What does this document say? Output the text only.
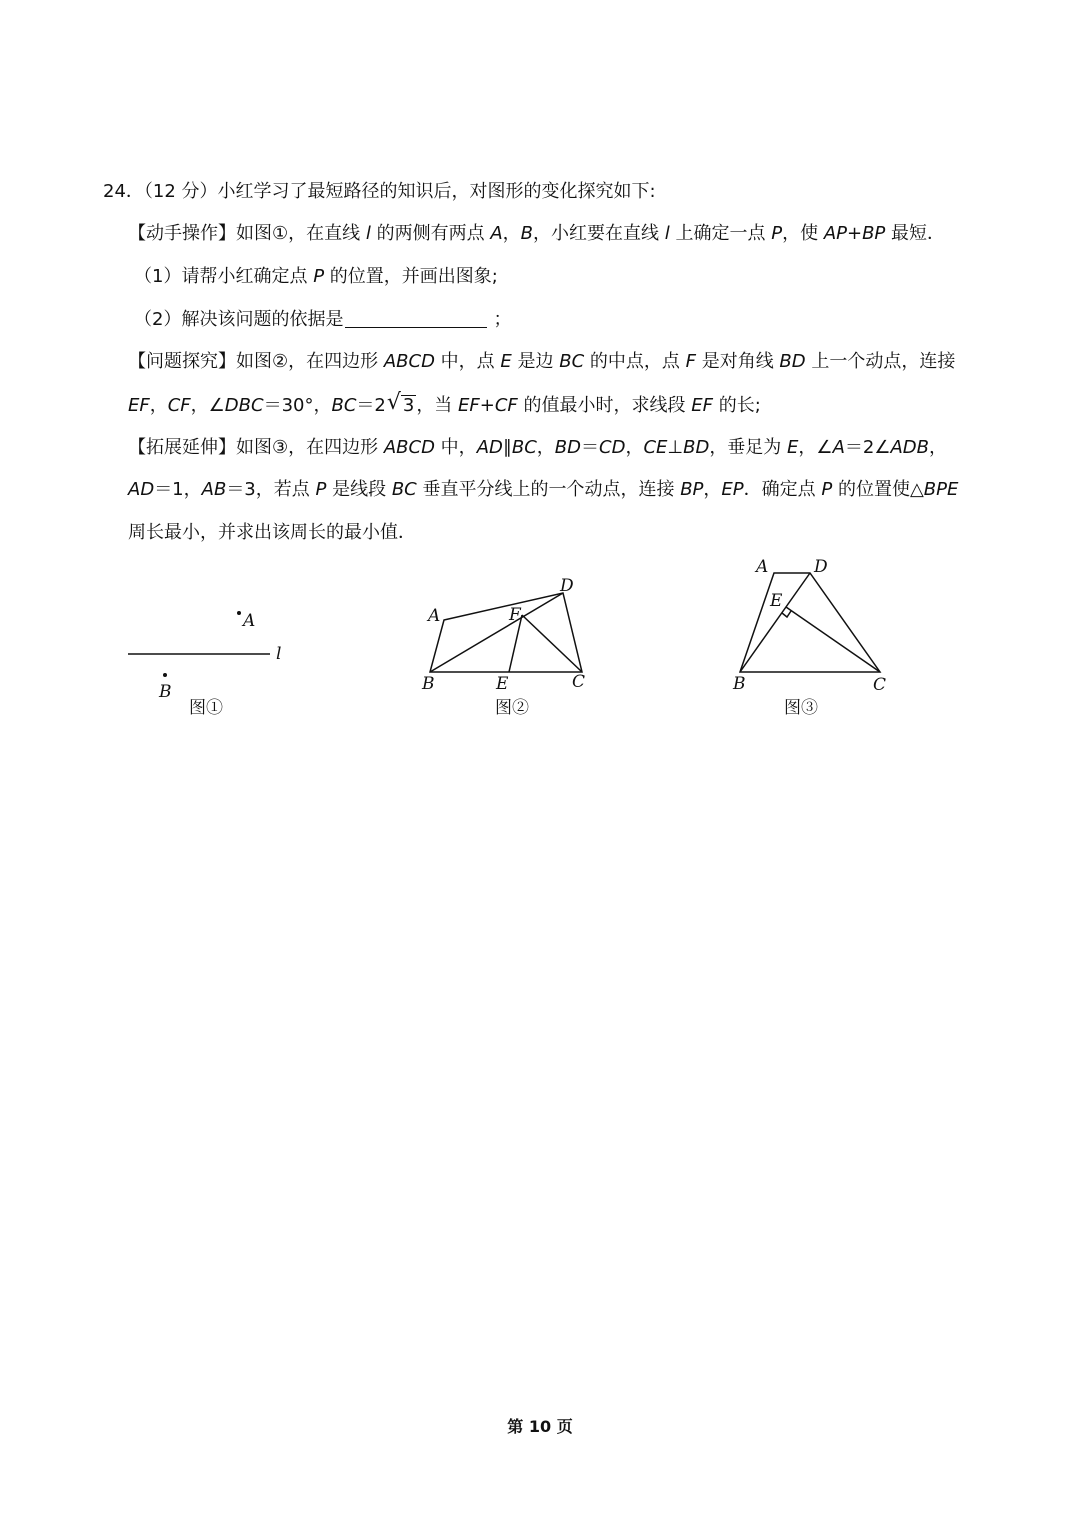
24．（12 分）小红学习了最短路径的知识后，对图形的变化探究如下:
【动手操作】如图①，在直线 l 的两侧有两点 A，B，小红要在直线 l 上确定一点 P，使 AP+BP 最短．
（1）请帮小红确定点 P 的位置，并画出图象;
（2）解决该问题的依据是	；
【问题探究】如图②，在四边形 ABCD 中，点 E 是边 BC 的中点，点 F 是对角线 BD 上一个动点，连接
EF，CF，∠DBC＝30°，BC＝2 √ 3 ，当 EF+CF 的值最小时，求线段 EF 的长;
【拓展延伸】如图③，在四边形 ABCD 中，AD∥BC，BD＝CD，CE⊥BD，垂足为 E，∠A＝2∠ADB，
AD＝1，AB＝3，若点 P 是线段 BC 垂直平分线上的一个动点，连接 BP，EP．确定点 P 的位置使△BPE
周长最小，并求出该周长的最小值．
A
l
B
图①
A
D
F
B	E	C
图②
A	D
E
B	C
图③
第 10 页
